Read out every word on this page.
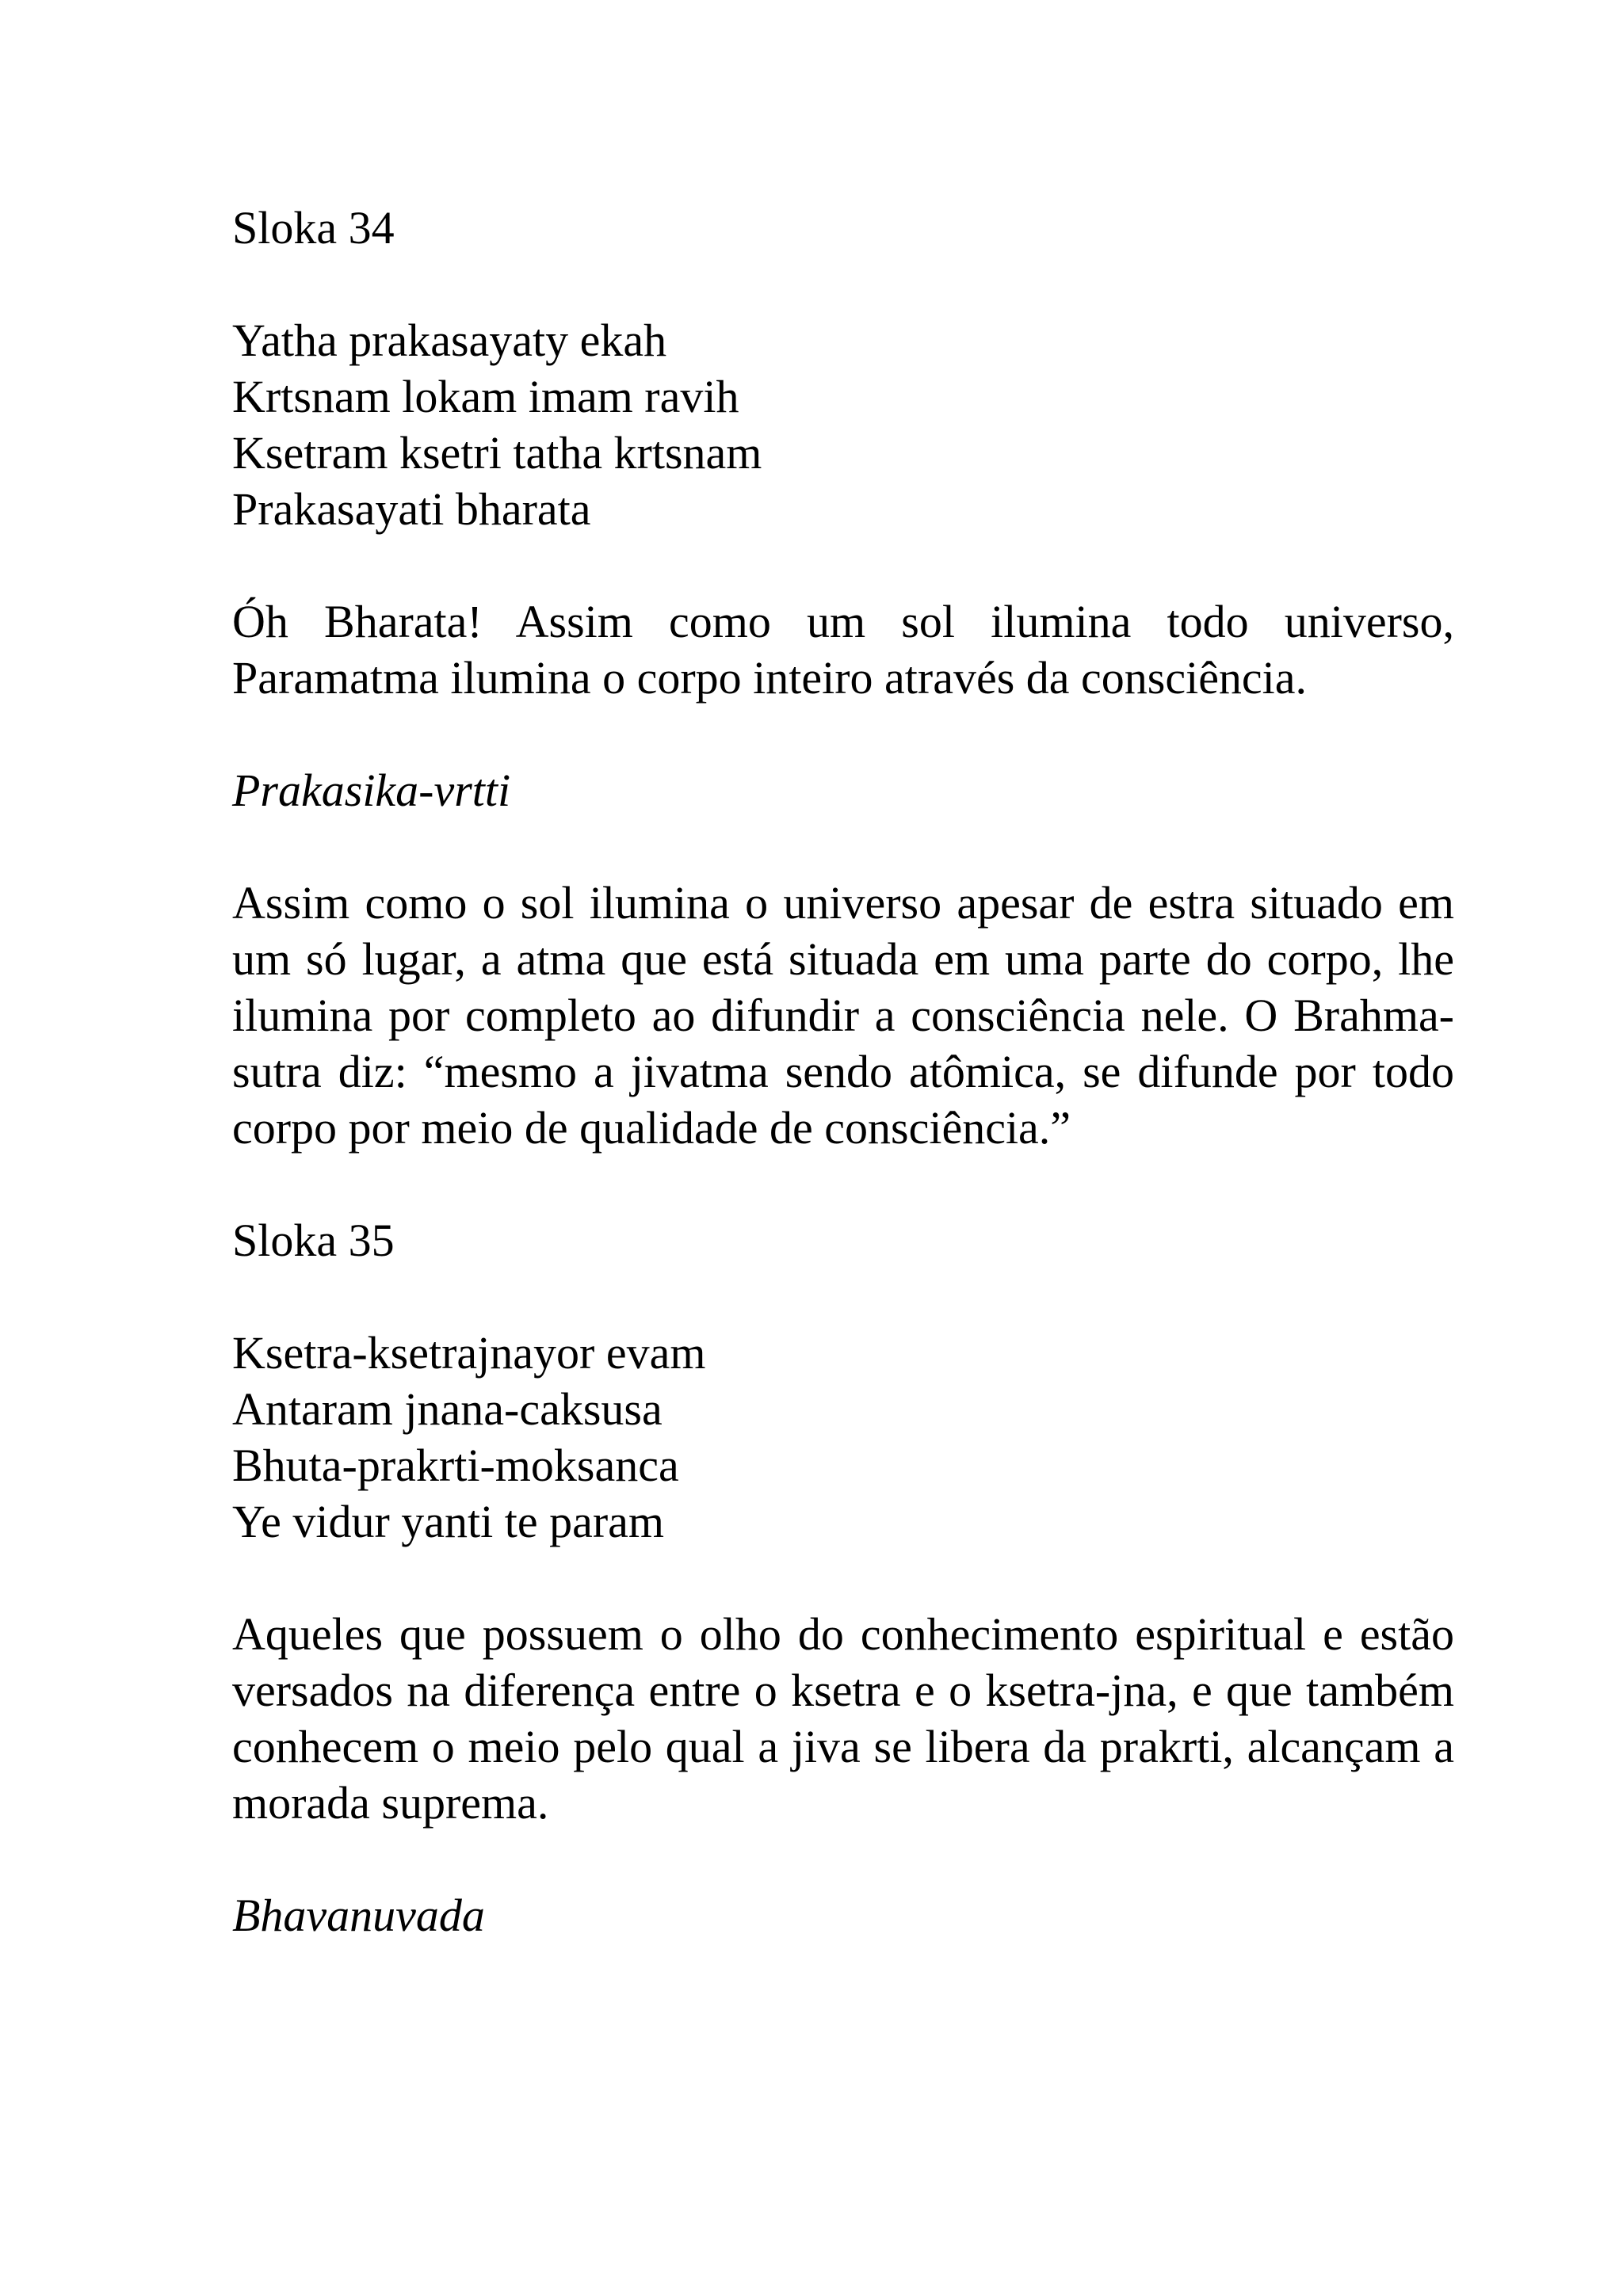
Sloka 34
Yatha prakasayaty ekah
Krtsnam lokam imam ravih
Ksetram ksetri tatha krtsnam
Prakasayati bharata

Óh Bharata! Assim como um sol ilumina todo universo, Paramatma ilumina o corpo inteiro através da consciência.

Prakasika-vrtti

Assim como o sol ilumina o universo apesar de estra situado em um só lugar, a atma que está situada em uma parte do corpo, lhe ilumina por completo ao difundir a consciência nele. O Brahma-sutra diz: “mesmo a jivatma sendo atômica, se difunde por todo corpo por meio de qualidade de consciência.”

Sloka 35
Ksetra-ksetrajnayor evam
Antaram jnana-caksusa
Bhuta-prakrti-moksanca
Ye vidur yanti te param

Aqueles que possuem o olho do conhecimento espiritual e estão versados na diferença entre o ksetra e o ksetra-jna, e que também conhecem o meio pelo qual a jiva se libera da prakrti, alcançam a morada suprema.

Bhavanuvada
